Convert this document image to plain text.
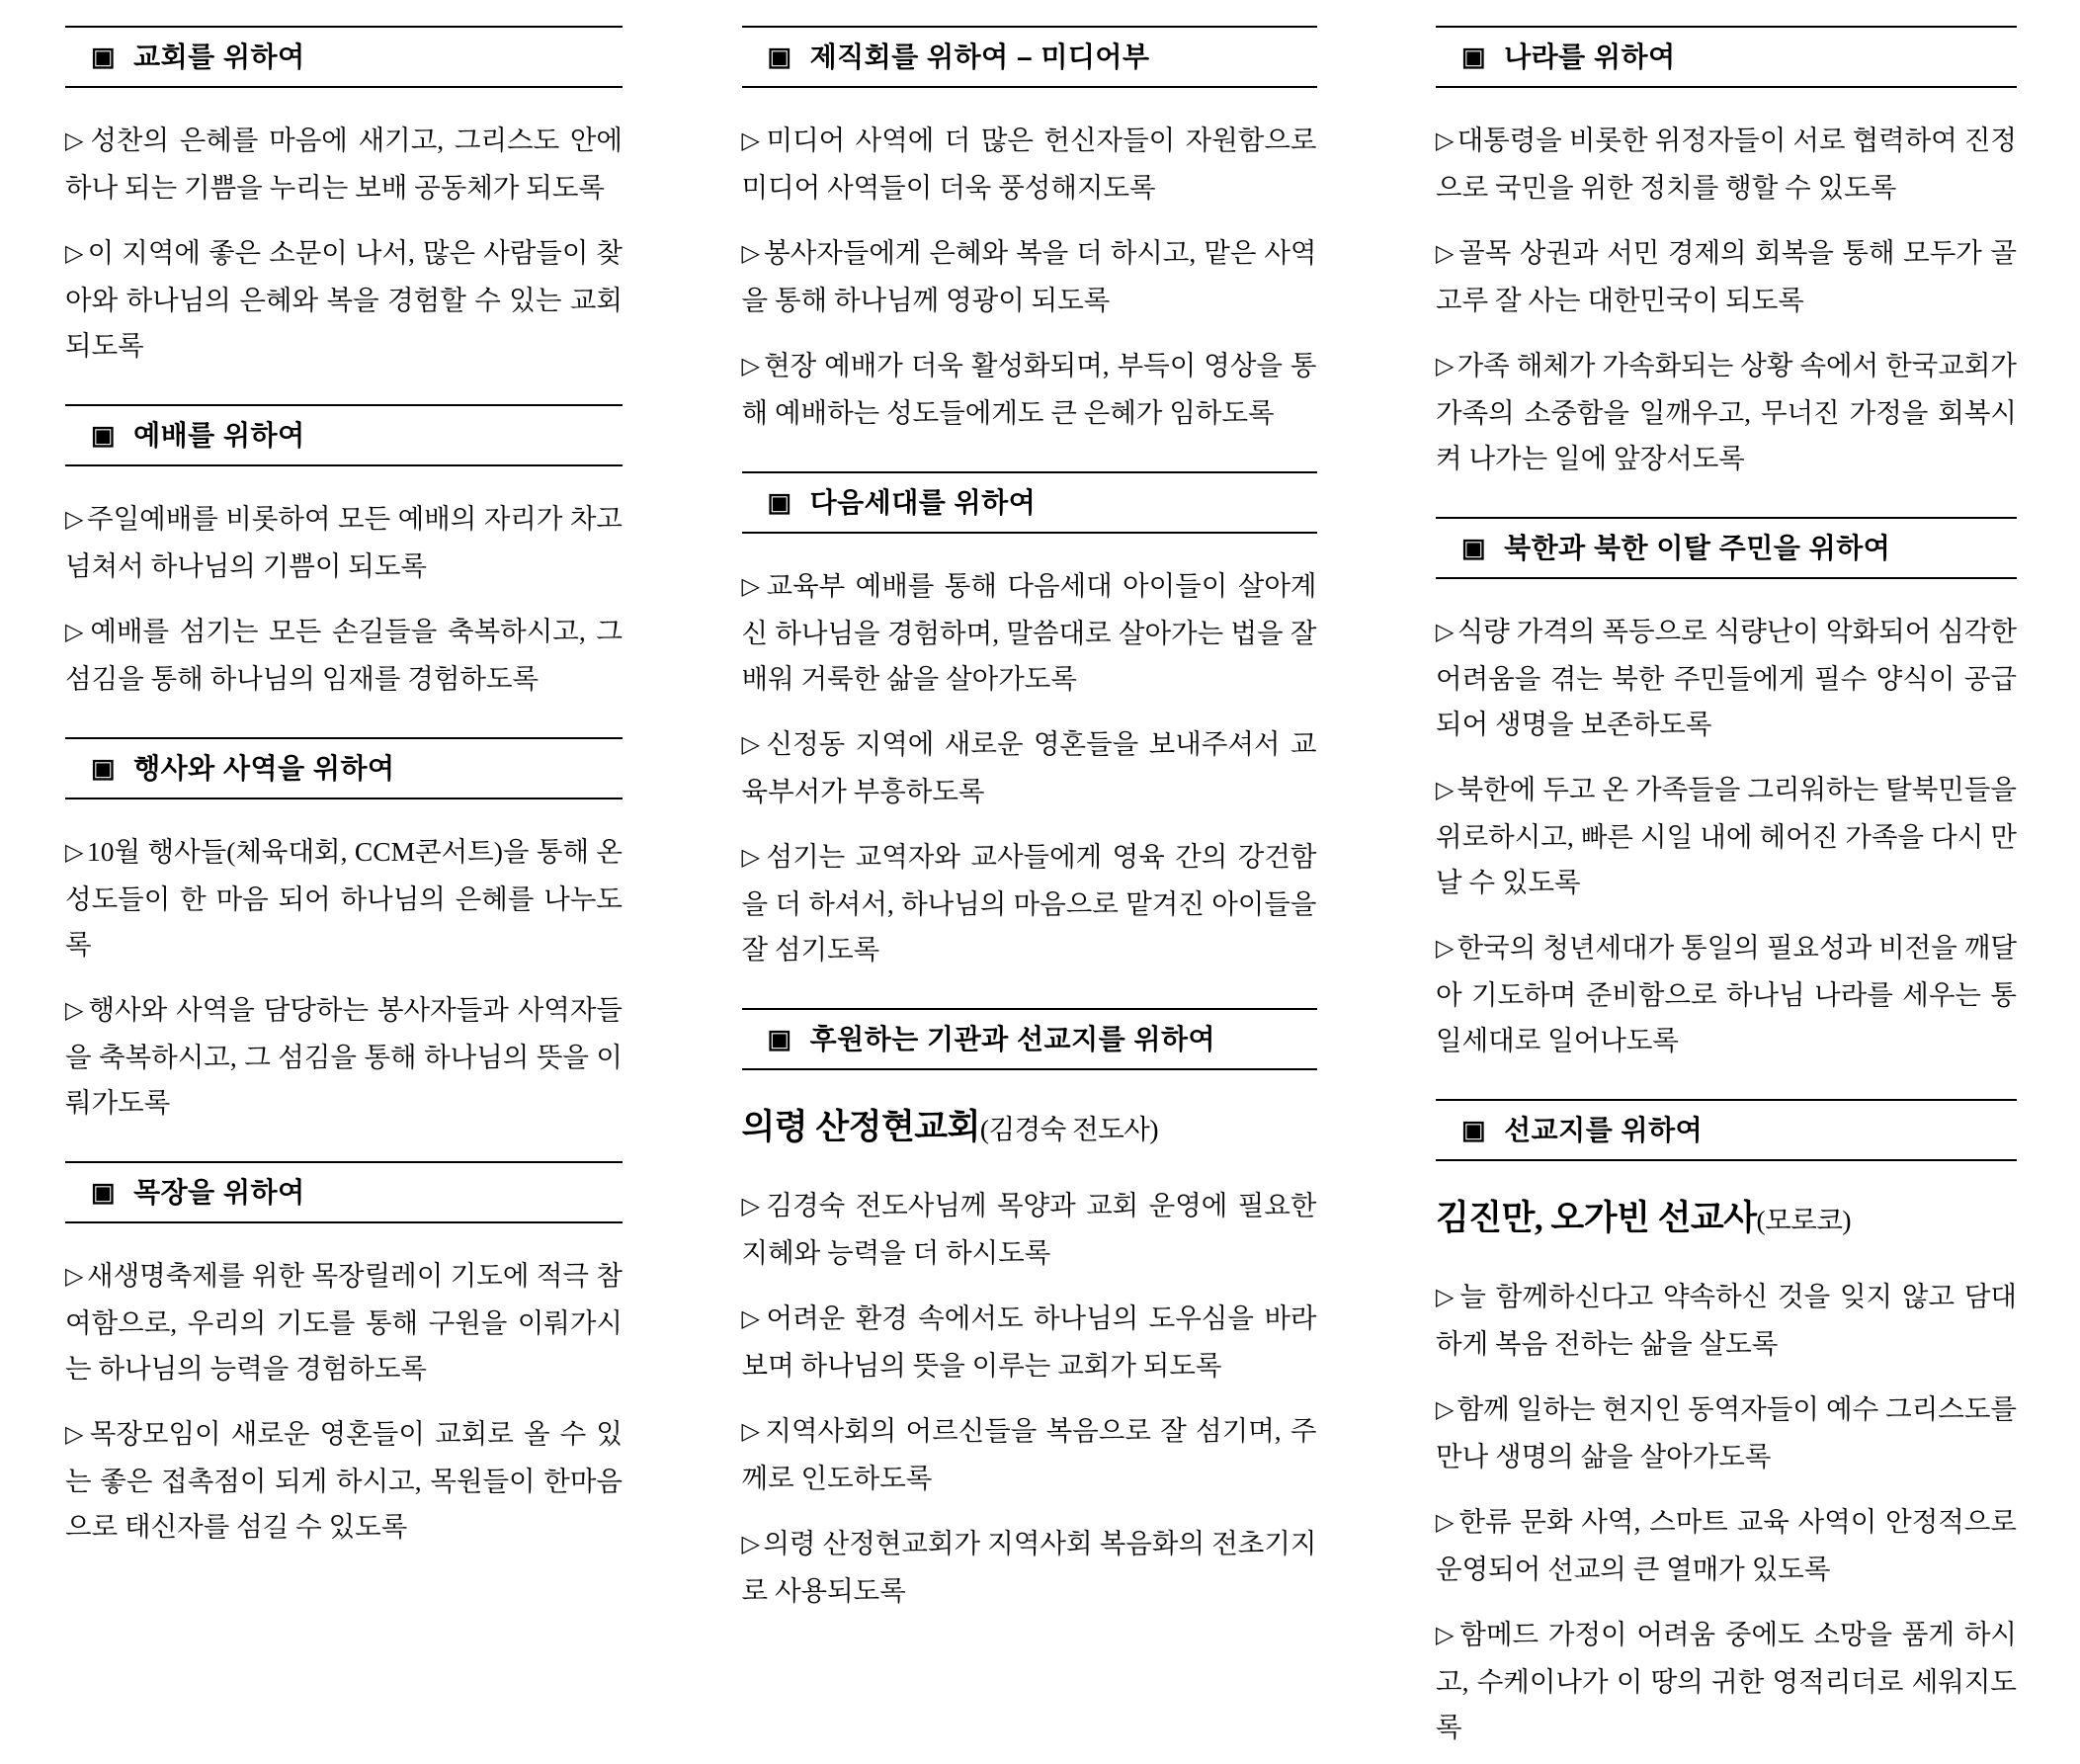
▣ 교회를 위하여

▷ 성찬의 은혜를 마음에 새기고, 그리스도 안에 하나 되는 기쁨을 누리는 보배 공동체가 되도록

▷ 이 지역에 좋은 소문이 나서, 많은 사람들이 찾아와 하나님의 은혜와 복을 경험할 수 있는 교회 되도록

▣ 예배를 위하여

▷ 주일예배를 비롯하여 모든 예배의 자리가 차고 넘쳐서 하나님의 기쁨이 되도록

▷ 예배를 섬기는 모든 손길들을 축복하시고, 그 섬김을 통해 하나님의 임재를 경험하도록

▣ 행사와 사역을 위하여

▷ 10월 행사들(체육대회, CCM콘서트)을 통해 온 성도들이 한 마음 되어 하나님의 은혜를 나누도록

▷ 행사와 사역을 담당하는 봉사자들과 사역자들을 축복하시고, 그 섬김을 통해 하나님의 뜻을 이뤄가도록

▣ 목장을 위하여

▷ 새생명축제를 위한 목장릴레이 기도에 적극 참여함으로, 우리의 기도를 통해 구원을 이뤄가시는 하나님의 능력을 경험하도록

▷ 목장모임이 새로운 영혼들이 교회로 올 수 있는 좋은 접촉점이 되게 하시고, 목원들이 한마음으로 태신자를 섬길 수 있도록

▣ 제직회를 위하여 – 미디어부

▷ 미디어 사역에 더 많은 헌신자들이 자원함으로 미디어 사역들이 더욱 풍성해지도록

▷ 봉사자들에게 은혜와 복을 더 하시고, 맡은 사역을 통해 하나님께 영광이 되도록

▷ 현장 예배가 더욱 활성화되며, 부득이 영상을 통해 예배하는 성도들에게도 큰 은혜가 임하도록

▣ 다음세대를 위하여

▷ 교육부 예배를 통해 다음세대 아이들이 살아계신 하나님을 경험하며, 말씀대로 살아가는 법을 잘 배워 거룩한 삶을 살아가도록

▷ 신정동 지역에 새로운 영혼들을 보내주셔서 교육부서가 부흥하도록

▷ 섬기는 교역자와 교사들에게 영육 간의 강건함을 더 하셔서, 하나님의 마음으로 맡겨진 아이들을 잘 섬기도록

▣ 후원하는 기관과 선교지를 위하여

의령 산정현교회(김경숙 전도사)

▷ 김경숙 전도사님께 목양과 교회 운영에 필요한 지혜와 능력을 더 하시도록

▷ 어려운 환경 속에서도 하나님의 도우심을 바라보며 하나님의 뜻을 이루는 교회가 되도록

▷ 지역사회의 어르신들을 복음으로 잘 섬기며, 주께로 인도하도록

▷ 의령 산정현교회가 지역사회 복음화의 전초기지로 사용되도록

▣ 나라를 위하여

▷ 대통령을 비롯한 위정자들이 서로 협력하여 진정으로 국민을 위한 정치를 행할 수 있도록

▷ 골목 상권과 서민 경제의 회복을 통해 모두가 골고루 잘 사는 대한민국이 되도록

▷ 가족 해체가 가속화되는 상황 속에서 한국교회가 가족의 소중함을 일깨우고, 무너진 가정을 회복시켜 나가는 일에 앞장서도록

▣ 북한과 북한 이탈 주민을 위하여

▷ 식량 가격의 폭등으로 식량난이 악화되어 심각한 어려움을 겪는 북한 주민들에게 필수 양식이 공급되어 생명을 보존하도록

▷ 북한에 두고 온 가족들을 그리워하는 탈북민들을 위로하시고, 빠른 시일 내에 헤어진 가족을 다시 만날 수 있도록

▷ 한국의 청년세대가 통일의 필요성과 비전을 깨달아 기도하며 준비함으로 하나님 나라를 세우는 통일세대로 일어나도록

▣ 선교지를 위하여

김진만, 오가빈 선교사(모로코)

▷ 늘 함께하신다고 약속하신 것을 잊지 않고 담대하게 복음 전하는 삶을 살도록

▷ 함께 일하는 현지인 동역자들이 예수 그리스도를 만나 생명의 삶을 살아가도록

▷ 한류 문화 사역, 스마트 교육 사역이 안정적으로 운영되어 선교의 큰 열매가 있도록

▷ 함메드 가정이 어려움 중에도 소망을 품게 하시고, 수케이나가 이 땅의 귀한 영적리더로 세워지도록
